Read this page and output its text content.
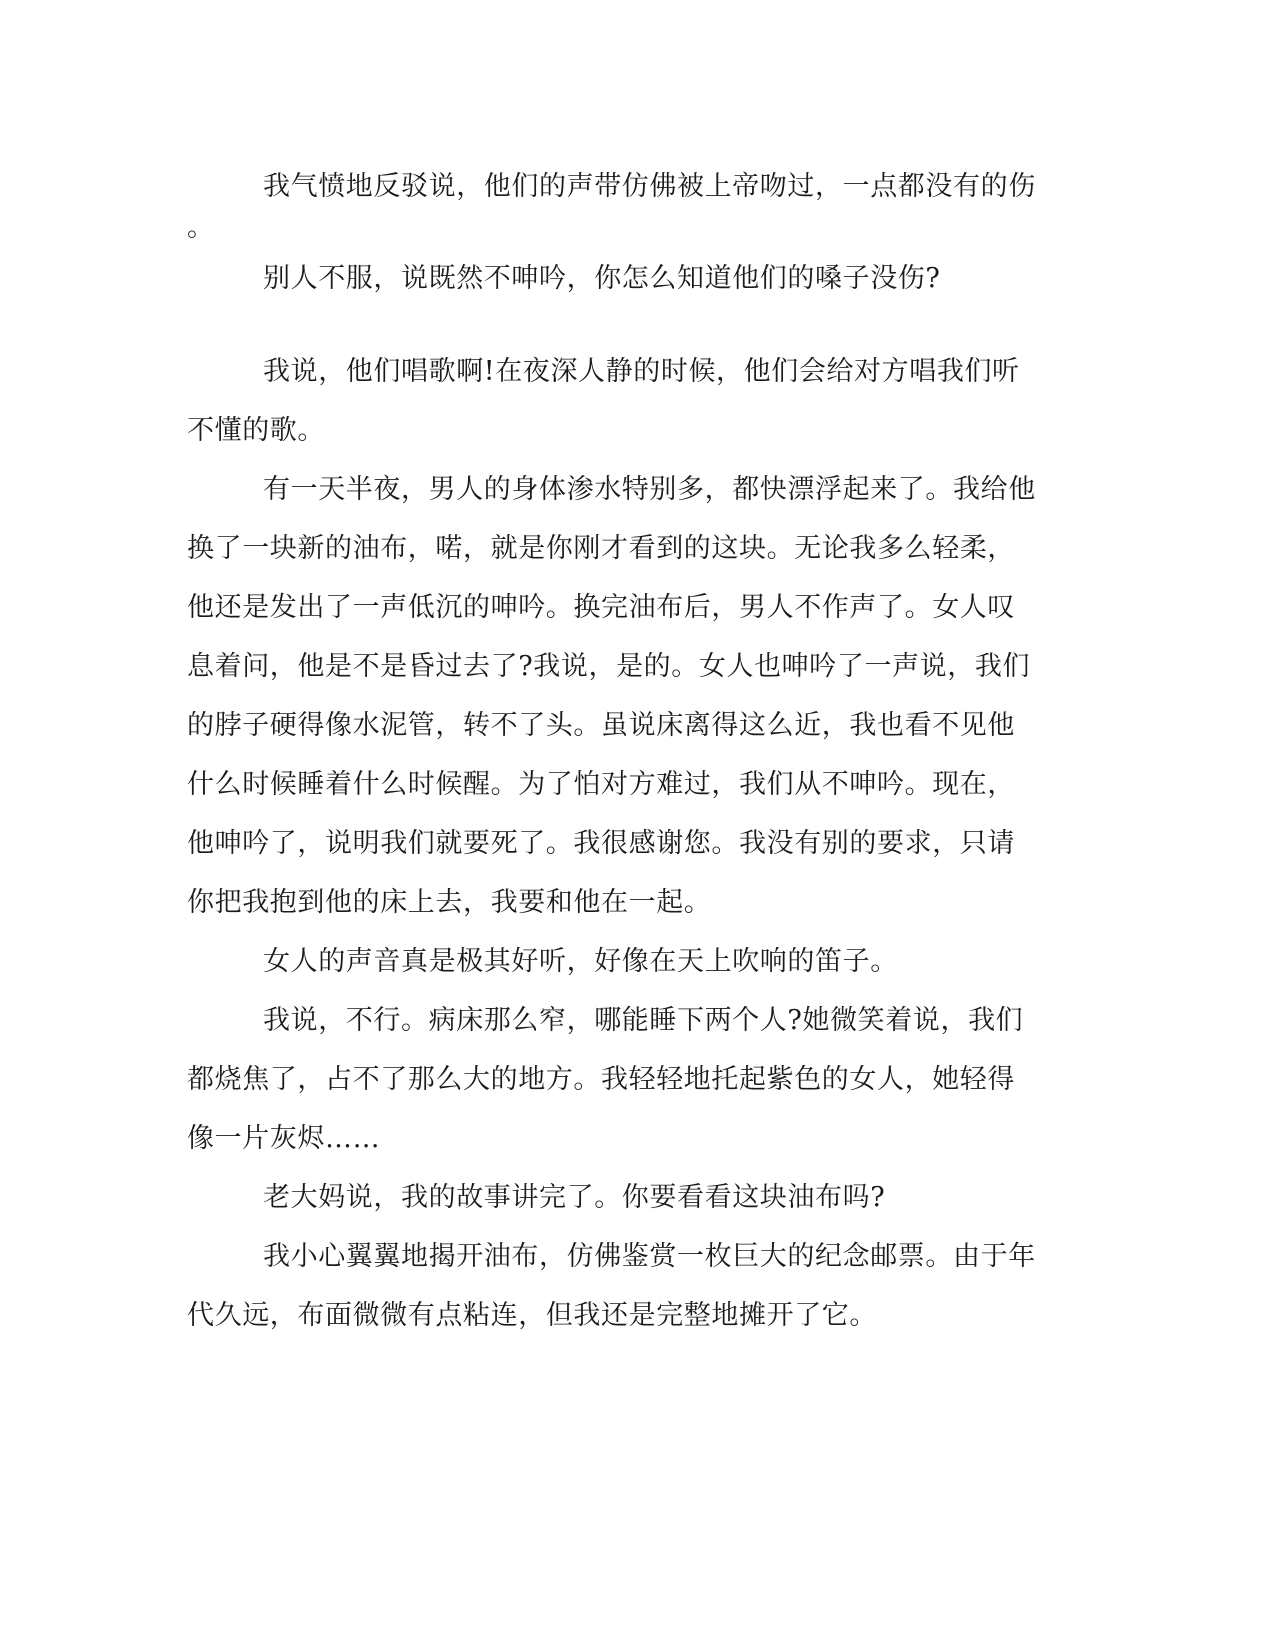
我气愤地反驳说，他们的声带仿佛被上帝吻过，一点都没有的伤

。

别人不服，说既然不呻吟，你怎么知道他们的嗓子没伤?

我说，他们唱歌啊!在夜深人静的时候，他们会给对方唱我们听

不懂的歌。

有一天半夜，男人的身体渗水特别多，都快漂浮起来了。我给他

换了一块新的油布，喏，就是你刚才看到的这块。无论我多么轻柔，

他还是发出了一声低沉的呻吟。换完油布后，男人不作声了。女人叹

息着问，他是不是昏过去了?我说，是的。女人也呻吟了一声说，我们

的脖子硬得像水泥管，转不了头。虽说床离得这么近，我也看不见他

什么时候睡着什么时候醒。为了怕对方难过，我们从不呻吟。现在，

他呻吟了，说明我们就要死了。我很感谢您。我没有别的要求，只请

你把我抱到他的床上去，我要和他在一起。

女人的声音真是极其好听，好像在天上吹响的笛子。

我说，不行。病床那么窄，哪能睡下两个人?她微笑着说，我们

都烧焦了，占不了那么大的地方。我轻轻地托起紫色的女人，她轻得

像一片灰烬……

老大妈说，我的故事讲完了。你要看看这块油布吗?

我小心翼翼地揭开油布，仿佛鉴赏一枚巨大的纪念邮票。由于年

代久远，布面微微有点粘连，但我还是完整地摊开了它。
